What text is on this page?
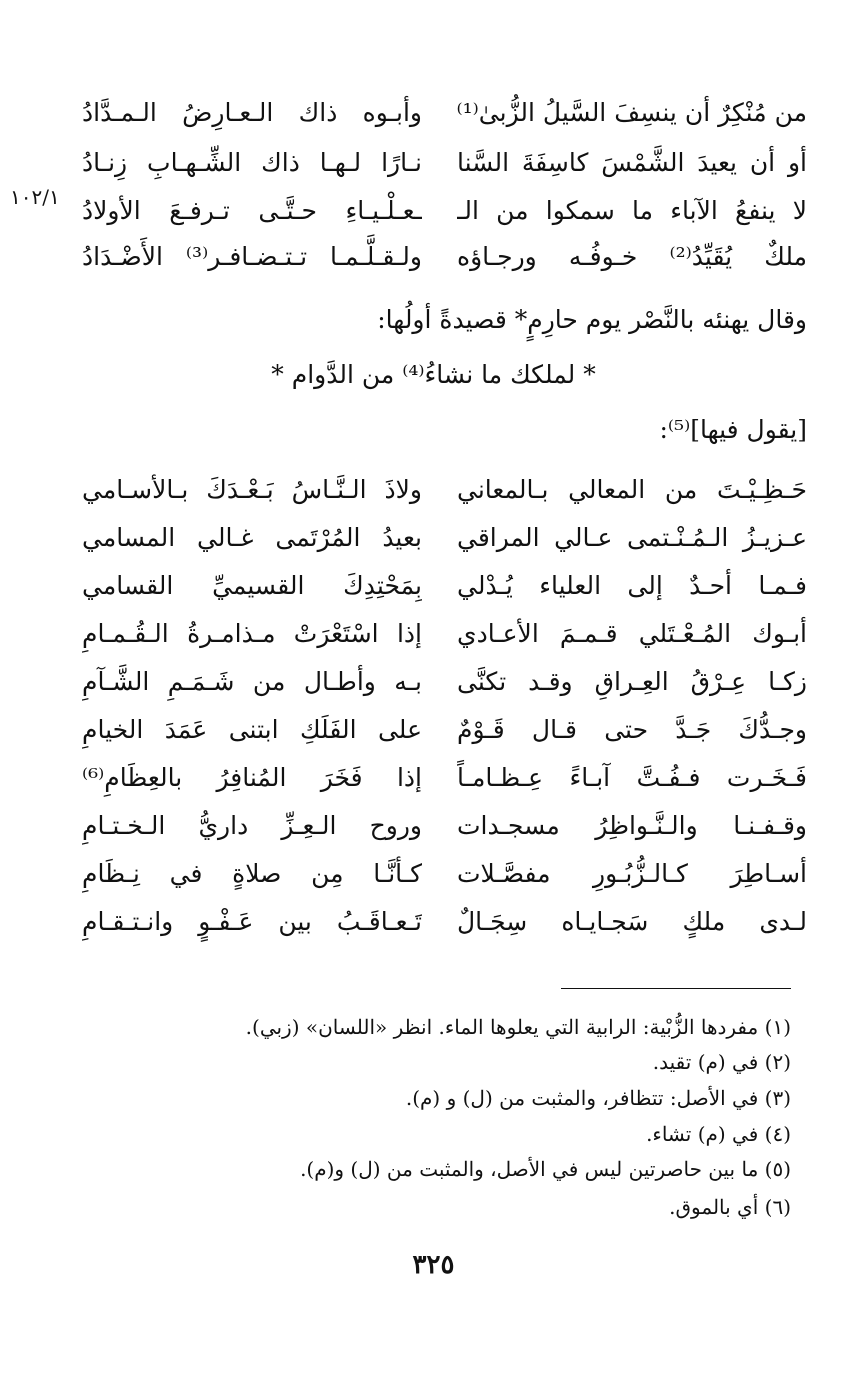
من مُنْكِرٌ أن ينسِفَ السَّيلُ الزُّبىٰ⁽¹⁾
وأبـوه ذاك الـعـارِضُ الـمـدَّادُ
أو أن يعيدَ الشَّمْسَ كاسِفَةَ السَّنا
نـارًا لـهـا ذاك الشِّـهـابِ زِنـادُ
لا ينفعُ الآباء ما سمكوا من الـ
ـعـلْـيـاءِ حـتَّـى تـرفـعَ الأولادُ
ملكٌ يُقَيِّدُ⁽²⁾ خـوفُـه ورجـاؤه
ولـقـلَّـمـا تـتـضـافـر⁽³⁾ الأَضْـدَادُ
١٠٢/١
وقال يهنئه بالنَّصْر يوم حارِمٍ* قصيدةً أولُها:
* لملكك ما نشاءُ⁽⁴⁾ من الدَّوام *
[يقول فيها]⁽⁵⁾:
حَـظِـيْـتَ من المعالي بـالمعاني
ولاذَ الـنَّـاسُ بَـعْـدَكَ بـالأسـامي
عـزيـزُ الـمُـنْـتمى عـالي المراقي
بعيدُ المُرْتَمى غـالي المسامي
فـمـا أحـدٌ إلى العلياء يُـدْلي
بِمَحْتِدِكَ القسيميِّ القسامي
أبـوك المُـعْـتَلي قـمـمَ الأعـادي
إذا اسْتَعْرَتْ مـذامـرةُ الـقُـمـامِ
زكـا عِـرْقُ العِـراقِ وقـد تكنَّى
بـه وأطـال من شَـمَـمِ الشَّـآمِ
وجـدُّكَ جَـدَّ حتى قـال قَـوْمٌ
على الفَلَكِ ابتنى عَمَدَ الخيامِ
فَـخَـرت فـفُـتَّ آبـاءً عِـظـامـاً
إذا فَخَرَ المُنافِرُ بالعِظَامِ⁽⁶⁾
وقـفـنـا والـنَّـواظِرُ مسجـدات
وروح الـعِـزِّ داريُّ الـخـتـامِ
أسـاطِرَ كـالـزُّبُـورِ مفصَّـلات
كـأنَّـا مِن صلاةٍ في نِـظَامِ
لـدى ملكٍ سَجـايـاه سِجَـالٌ
تَـعـاقَـبُ بين عَـفْـوٍ وانـتـقـامِ
(١) مفردها الزُّبْية: الرابية التي يعلوها الماء. انظر «اللسان» (زبي).
(٢) في (م) تقيد.
(٣) في الأصل: تتظافر، والمثبت من (ل) و (م).
(٤) في (م) تشاء.
(٥) ما بين حاصرتين ليس في الأصل، والمثبت من (ل) و(م).
(٦) أي بالموق.
٣٢٥
